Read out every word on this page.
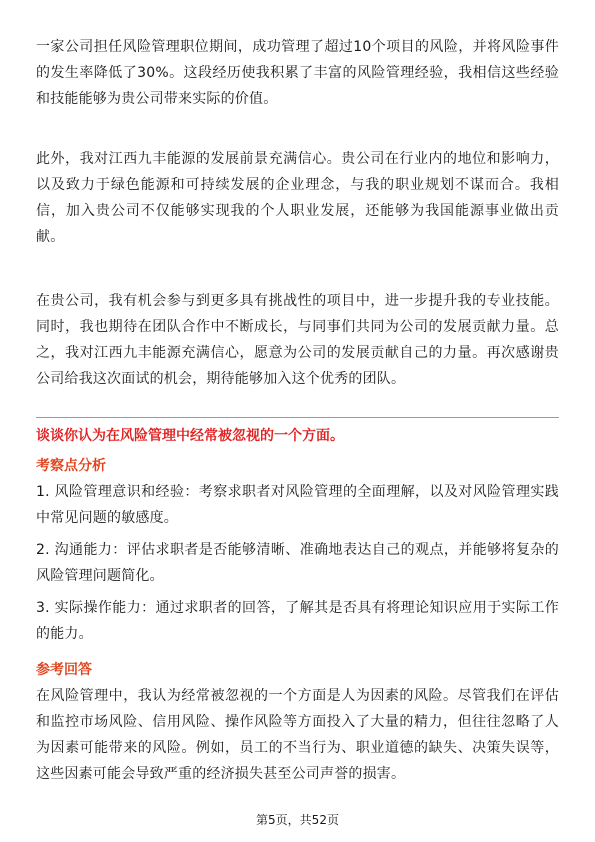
一家公司担任风险管理职位期间，成功管理了超过10个项目的风险，并将风险事件的发生率降低了30%。这段经历使我积累了丰富的风险管理经验，我相信这些经验和技能能够为贵公司带来实际的价值。

此外，我对江西九丰能源的发展前景充满信心。贵公司在行业内的地位和影响力，以及致力于绿色能源和可持续发展的企业理念，与我的职业规划不谋而合。我相信，加入贵公司不仅能够实现我的个人职业发展，还能够为我国能源事业做出贡献。

在贵公司，我有机会参与到更多具有挑战性的项目中，进一步提升我的专业技能。同时，我也期待在团队合作中不断成长，与同事们共同为公司的发展贡献力量。总之，我对江西九丰能源充满信心，愿意为公司的发展贡献自己的力量。再次感谢贵公司给我这次面试的机会，期待能够加入这个优秀的团队。

谈谈你认为在风险管理中经常被忽视的一个方面。
考察点分析

1. 风险管理意识和经验：考察求职者对风险管理的全面理解，以及对风险管理实践中常见问题的敏感度。

2. 沟通能力：评估求职者是否能够清晰、准确地表达自己的观点，并能够将复杂的风险管理问题简化。

3. 实际操作能力：通过求职者的回答，了解其是否具有将理论知识应用于实际工作的能力。

参考回答

在风险管理中，我认为经常被忽视的一个方面是人为因素的风险。尽管我们在评估和监控市场风险、信用风险、操作风险等方面投入了大量的精力，但往往忽略了人为因素可能带来的风险。例如，员工的不当行为、职业道德的缺失、决策失误等，这些因素可能会导致严重的经济损失甚至公司声誉的损害。

第5页，共52页
